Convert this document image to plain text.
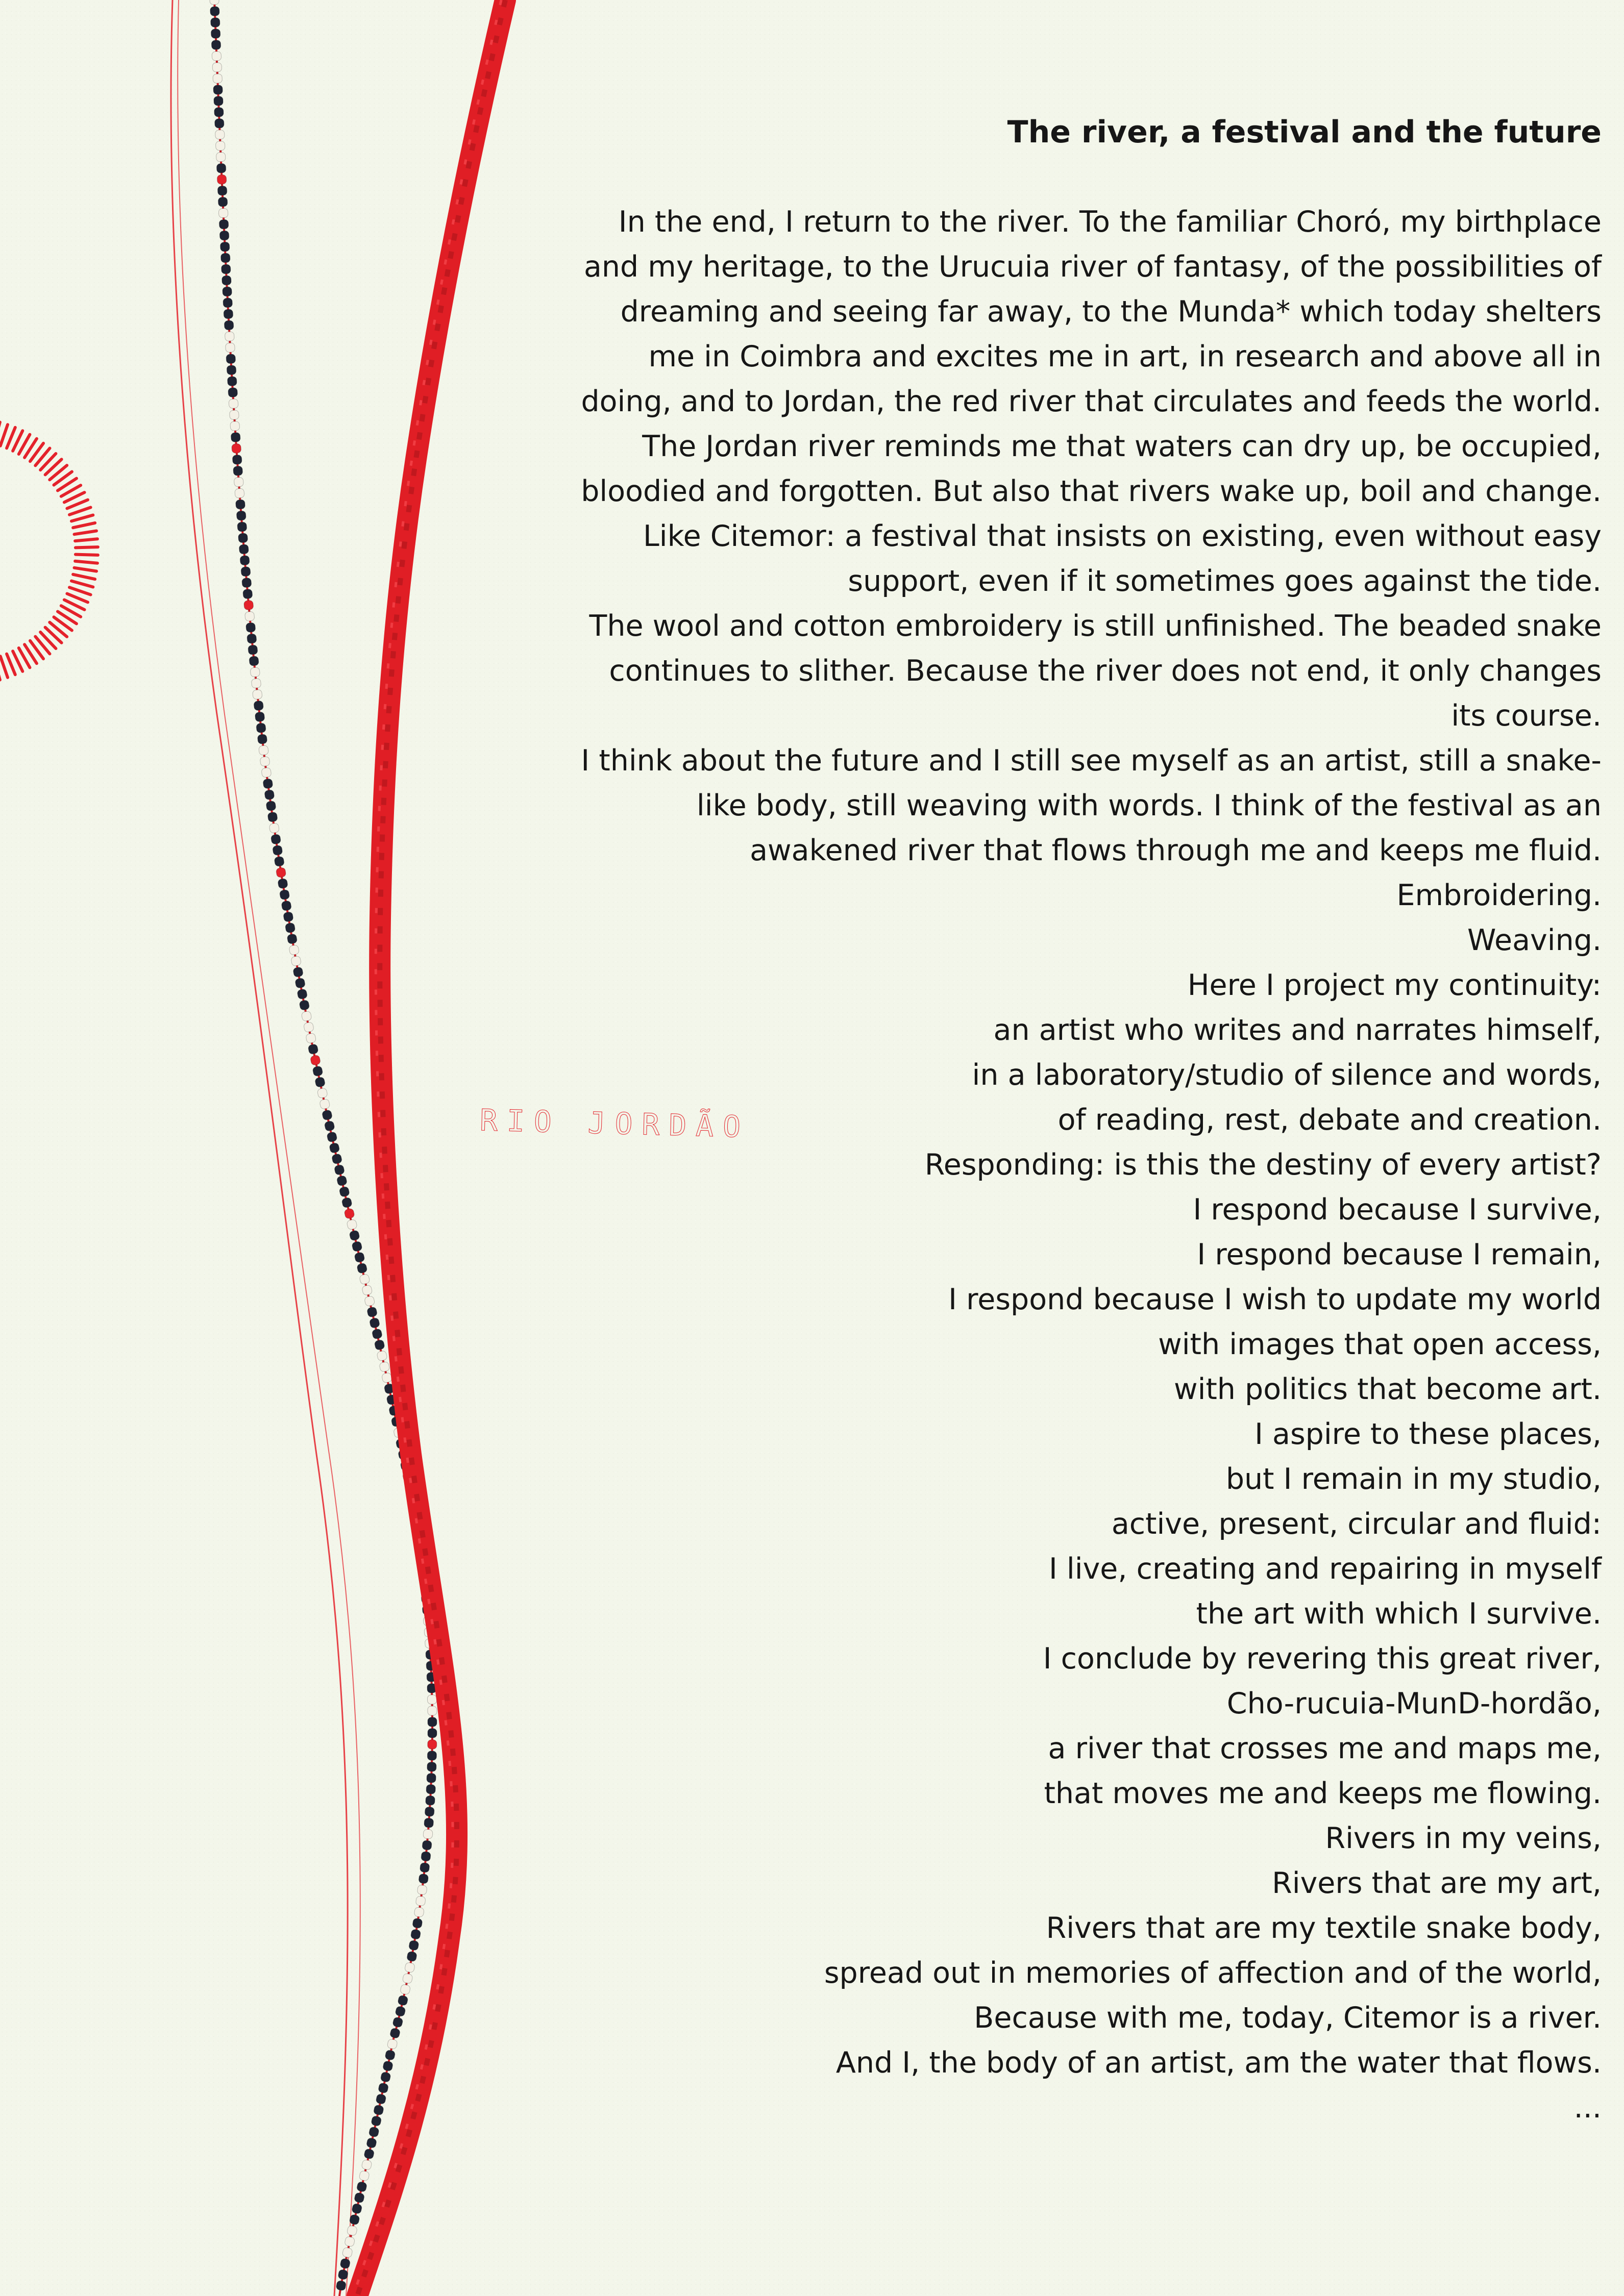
RIO JORDÃO
The river, a festival and the future
In the end, I return to the river. To the familiar Choró, my birthplace
and my heritage, to the Urucuia river of fantasy, of the possibilities of
dreaming and seeing far away, to the Munda* which today shelters
me in Coimbra and excites me in art, in research and above all in
doing, and to Jordan, the red river that circulates and feeds the world.
The Jordan river reminds me that waters can dry up, be occupied,
bloodied and forgotten. But also that rivers wake up, boil and change.
Like Citemor: a festival that insists on existing, even without easy
support, even if it sometimes goes against the tide.
The wool and cotton embroidery is still unfinished. The beaded snake
continues to slither. Because the river does not end, it only changes
its course.
I think about the future and I still see myself as an artist, still a snake-
like body, still weaving with words. I think of the festival as an
awakened river that flows through me and keeps me fluid.
Embroidering.
Weaving.
Here I project my continuity:
an artist who writes and narrates himself,
in a laboratory/studio of silence and words,
of reading, rest, debate and creation.
Responding: is this the destiny of every artist?
I respond because I survive,
I respond because I remain,
I respond because I wish to update my world
with images that open access,
with politics that become art.
I aspire to these places,
but I remain in my studio,
active, present, circular and fluid:
I live, creating and repairing in myself
the art with which I survive.
I conclude by revering this great river,
Cho-rucuia-MunD-hordão,
a river that crosses me and maps me,
that moves me and keeps me flowing.
Rivers in my veins,
Rivers that are my art,
Rivers that are my textile snake body,
spread out in memories of affection and of the world,
Because with me, today, Citemor is a river.
And I, the body of an artist, am the water that flows.
...
